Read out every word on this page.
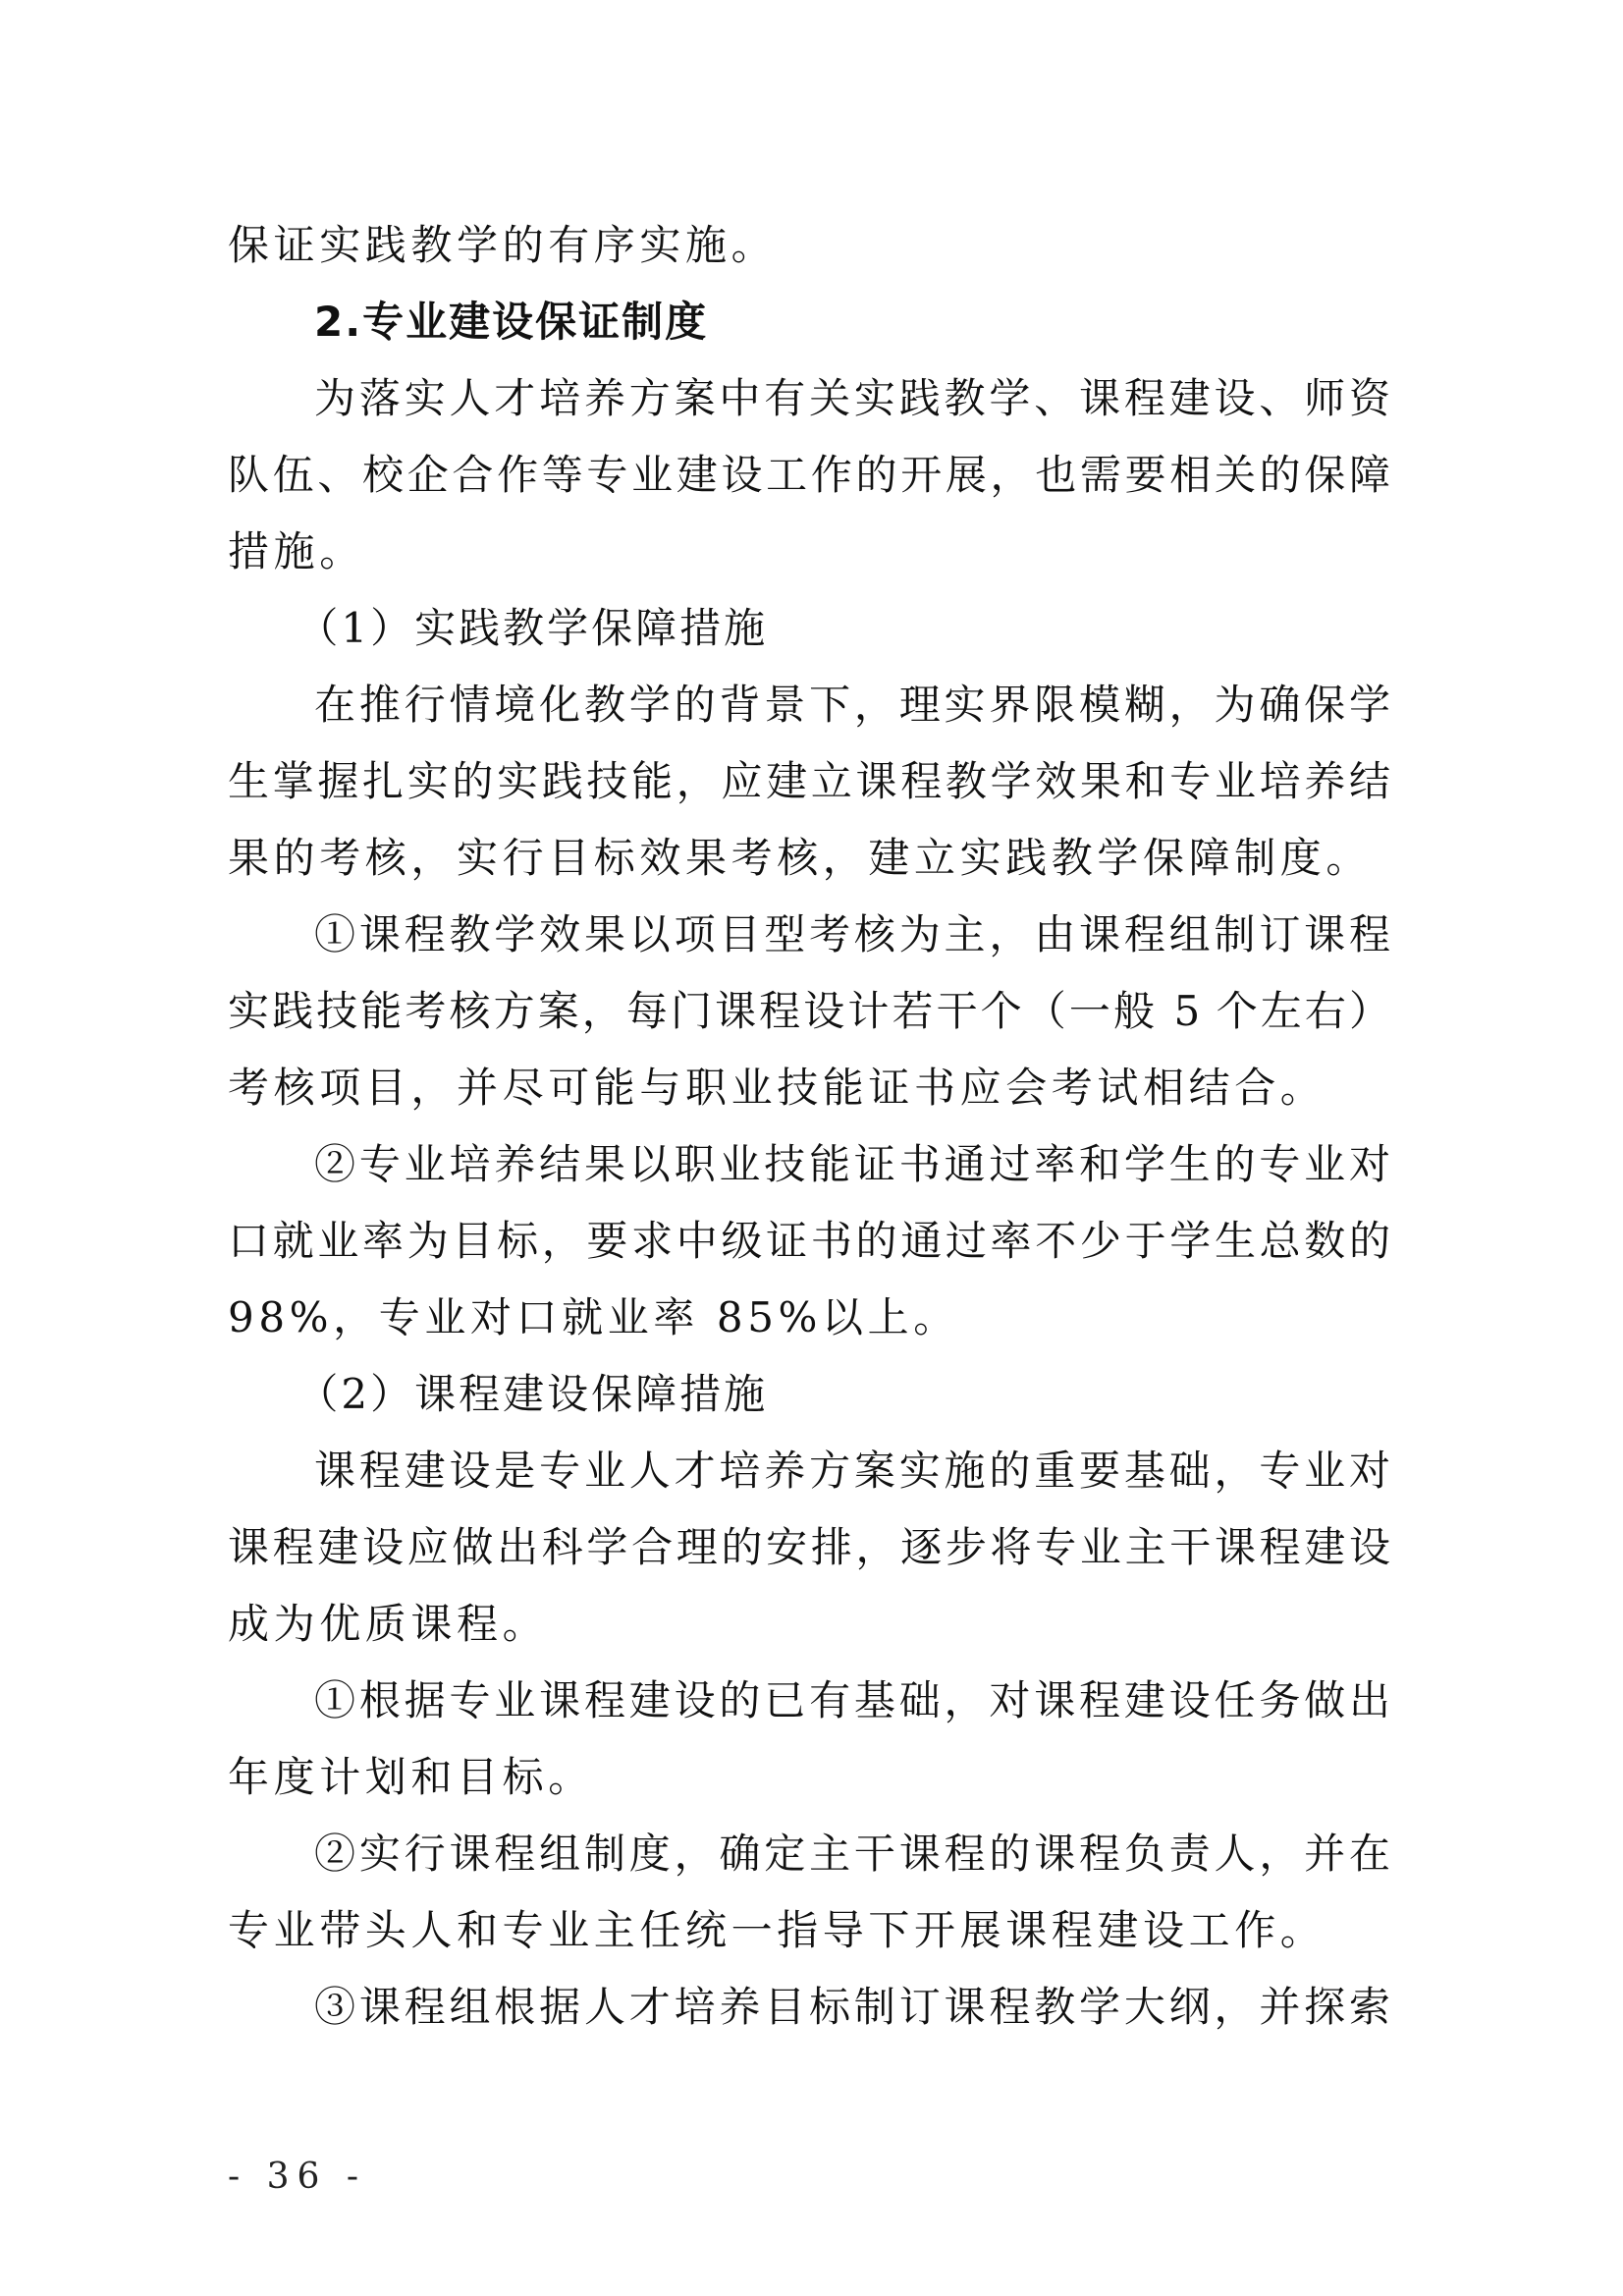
保证实践教学的有序实施。
2.专业建设保证制度
为落实人才培养方案中有关实践教学、课程建设、师资
队伍、校企合作等专业建设工作的开展，也需要相关的保障
措施。
（1）实践教学保障措施
在推行情境化教学的背景下，理实界限模糊，为确保学
生掌握扎实的实践技能，应建立课程教学效果和专业培养结
果的考核，实行目标效果考核，建立实践教学保障制度。
①课程教学效果以项目型考核为主，由课程组制订课程
实践技能考核方案，每门课程设计若干个（一般 5 个左右）
考核项目，并尽可能与职业技能证书应会考试相结合。
②专业培养结果以职业技能证书通过率和学生的专业对
口就业率为目标，要求中级证书的通过率不少于学生总数的
98%，专业对口就业率 85%以上。
（2）课程建设保障措施
课程建设是专业人才培养方案实施的重要基础，专业对
课程建设应做出科学合理的安排，逐步将专业主干课程建设
成为优质课程。
①根据专业课程建设的已有基础，对课程建设任务做出
年度计划和目标。
②实行课程组制度，确定主干课程的课程负责人，并在
专业带头人和专业主任统一指导下开展课程建设工作。
③课程组根据人才培养目标制订课程教学大纲，并探索
- 36 -
